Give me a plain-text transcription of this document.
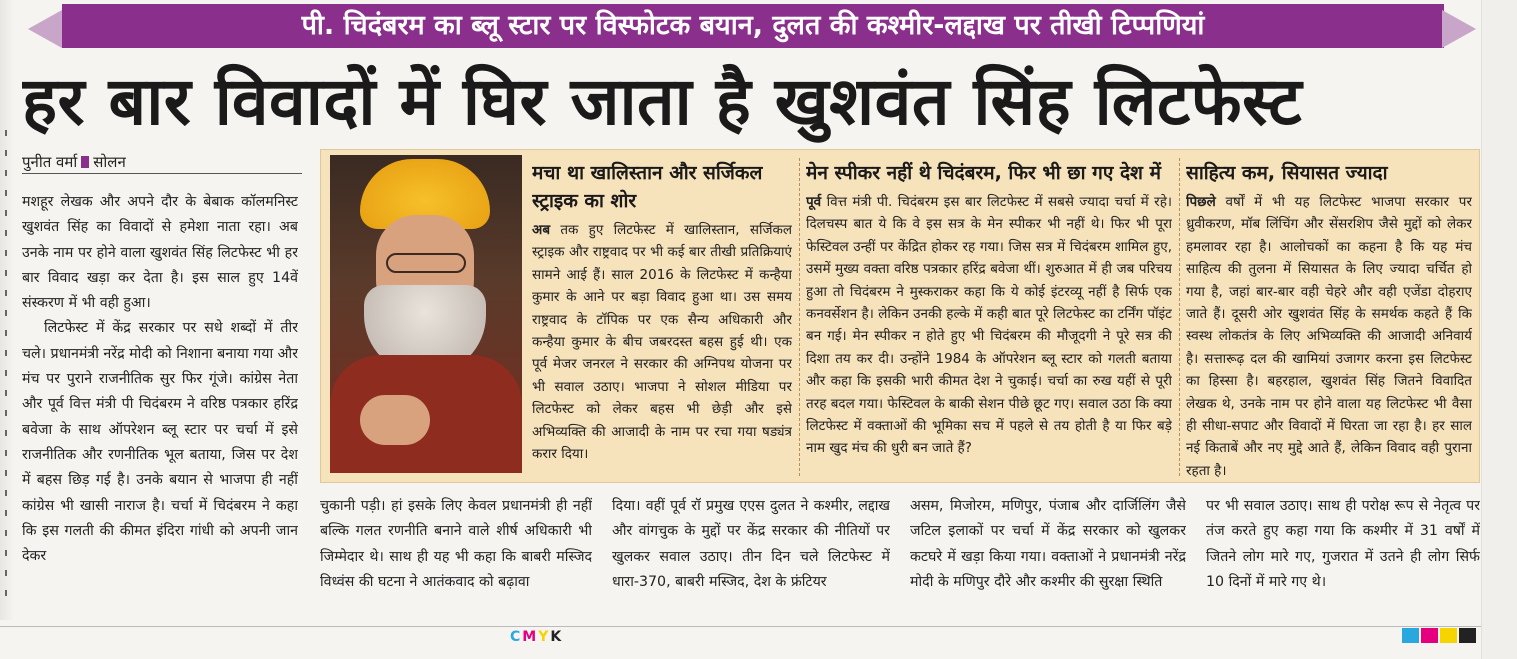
पी. चिदंबरम का ब्लू स्टार पर विस्फोटक बयान, दुलत की कश्मीर-लद्दाख पर तीखी टिप्पणियां
हर बार विवादों में घिर जाता है खुशवंत सिंह लिटफेस्ट
पुनीत वर्मा सोलन

मशहूर लेखक और अपने दौर के बेबाक कॉलमनिस्ट खुशवंत सिंह का विवादों से हमेशा नाता रहा। अब उनके नाम पर होने वाला खुशवंत सिंह लिटफेस्ट भी हर बार विवाद खड़ा कर देता है। इस साल हुए 14वें संस्करण में भी वही हुआ।

लिटफेस्ट में केंद्र सरकार पर सधे शब्दों में तीर चले। प्रधानमंत्री नरेंद्र मोदी को निशाना बनाया गया और मंच पर पुराने राजनीतिक सुर फिर गूंजे। कांग्रेस नेता और पूर्व वित्त मंत्री पी चिदंबरम ने वरिष्ठ पत्रकार हरिंद्र बवेजा के साथ ऑपरेशन ब्लू स्टार पर चर्चा में इसे राजनीतिक और रणनीतिक भूल बताया, जिस पर देश में बहस छिड़ गई है। उनके बयान से भाजपा ही नहीं कांग्रेस भी खासी नाराज है। चर्चा में चिदंबरम ने कहा कि इस गलती की कीमत इंदिरा गांधी को अपनी जान देकर

मचा था खालिस्तान और सर्जिकल स्ट्राइक का शोर

अब तक हुए लिटफेस्ट में खालिस्तान, सर्जिकल स्ट्राइक और राष्ट्रवाद पर भी कई बार तीखी प्रतिक्रियाएं सामने आई हैं। साल 2016 के लिटफेस्ट में कन्हैया कुमार के आने पर बड़ा विवाद हुआ था। उस समय राष्ट्रवाद के टॉपिक पर एक सैन्य अधिकारी और कन्हैया कुमार के बीच जबरदस्त बहस हुई थी। एक पूर्व मेजर जनरल ने सरकार की अग्निपथ योजना पर भी सवाल उठाए। भाजपा ने सोशल मीडिया पर लिटफेस्ट को लेकर बहस भी छेड़ी और इसे अभिव्यक्ति की आजादी के नाम पर रचा गया षड्यंत्र करार दिया।

मेन स्पीकर नहीं थे चिदंबरम, फिर भी छा गए देश में

पूर्व वित्त मंत्री पी. चिदंबरम इस बार लिटफेस्ट में सबसे ज्यादा चर्चा में रहे। दिलचस्प बात ये कि वे इस सत्र के मेन स्पीकर भी नहीं थे। फिर भी पूरा फेस्टिवल उन्हीं पर केंद्रित होकर रह गया। जिस सत्र में चिदंबरम शामिल हुए, उसमें मुख्य वक्ता वरिष्ठ पत्रकार हरिंद्र बवेजा थीं। शुरुआत में ही जब परिचय हुआ तो चिदंबरम ने मुस्कराकर कहा कि ये कोई इंटरव्यू नहीं है सिर्फ एक कनवर्सेशन है। लेकिन उनकी हल्के में कही बात पूरे लिटफेस्ट का टर्निंग पॉइंट बन गई। मेन स्पीकर न होते हुए भी चिदंबरम की मौजूदगी ने पूरे सत्र की दिशा तय कर दी। उन्होंने 1984 के ऑपरेशन ब्लू स्टार को गलती बताया और कहा कि इसकी भारी कीमत देश ने चुकाई। चर्चा का रुख यहीं से पूरी तरह बदल गया। फेस्टिवल के बाकी सेशन पीछे छूट गए। सवाल उठा कि क्या लिटफेस्ट में वक्ताओं की भूमिका सच में पहले से तय होती है या फिर बड़े नाम खुद मंच की धुरी बन जाते हैं?

साहित्य कम, सियासत ज्यादा

पिछले वर्षों में भी यह लिटफेस्ट भाजपा सरकार पर ध्रुवीकरण, मॉब लिंचिंग और सेंसरशिप जैसे मुद्दों को लेकर हमलावर रहा है। आलोचकों का कहना है कि यह मंच साहित्य की तुलना में सियासत के लिए ज्यादा चर्चित हो गया है, जहां बार-बार वही चेहरे और वही एजेंडा दोहराए जाते हैं। दूसरी ओर खुशवंत सिंह के समर्थक कहते हैं कि स्वस्थ लोकतंत्र के लिए अभिव्यक्ति की आजादी अनिवार्य है। सत्तारूढ़ दल की खामियां उजागर करना इस लिटफेस्ट का हिस्सा है। बहरहाल, खुशवंत सिंह जितने विवादित लेखक थे, उनके नाम पर होने वाला यह लिटफेस्ट भी वैसा ही सीधा-सपाट और विवादों में घिरता जा रहा है। हर साल नई किताबें और नए मुद्दे आते हैं, लेकिन विवाद वही पुराना रहता है।

चुकानी पड़ी। हां इसके लिए केवल प्रधानमंत्री ही नहीं बल्कि गलत रणनीति बनाने वाले शीर्ष अधिकारी भी जिम्मेदार थे। साथ ही यह भी कहा कि बाबरी मस्जिद विध्वंस की घटना ने आतंकवाद को बढ़ावा
दिया। वहीं पूर्व रॉ प्रमुख एएस दुलत ने कश्मीर, लद्दाख और वांगचुक के मुद्दों पर केंद्र सरकार की नीतियों पर खुलकर सवाल उठाए। तीन दिन चले लिटफेस्ट में धारा-370, बाबरी मस्जिद, देश के फ्रंटियर
असम, मिजोरम, मणिपुर, पंजाब और दार्जिलिंग जैसे जटिल इलाकों पर चर्चा में केंद्र सरकार को खुलकर कटघरे में खड़ा किया गया। वक्ताओं ने प्रधानमंत्री नरेंद्र मोदी के मणिपुर दौरे और कश्मीर की सुरक्षा स्थिति
पर भी सवाल उठाए। साथ ही परोक्ष रूप से नेतृत्व पर तंज करते हुए कहा गया कि कश्मीर में 31 वर्षों में जितने लोग मारे गए, गुजरात में उतने ही लोग सिर्फ 10 दिनों में मारे गए थे।
CMYK
